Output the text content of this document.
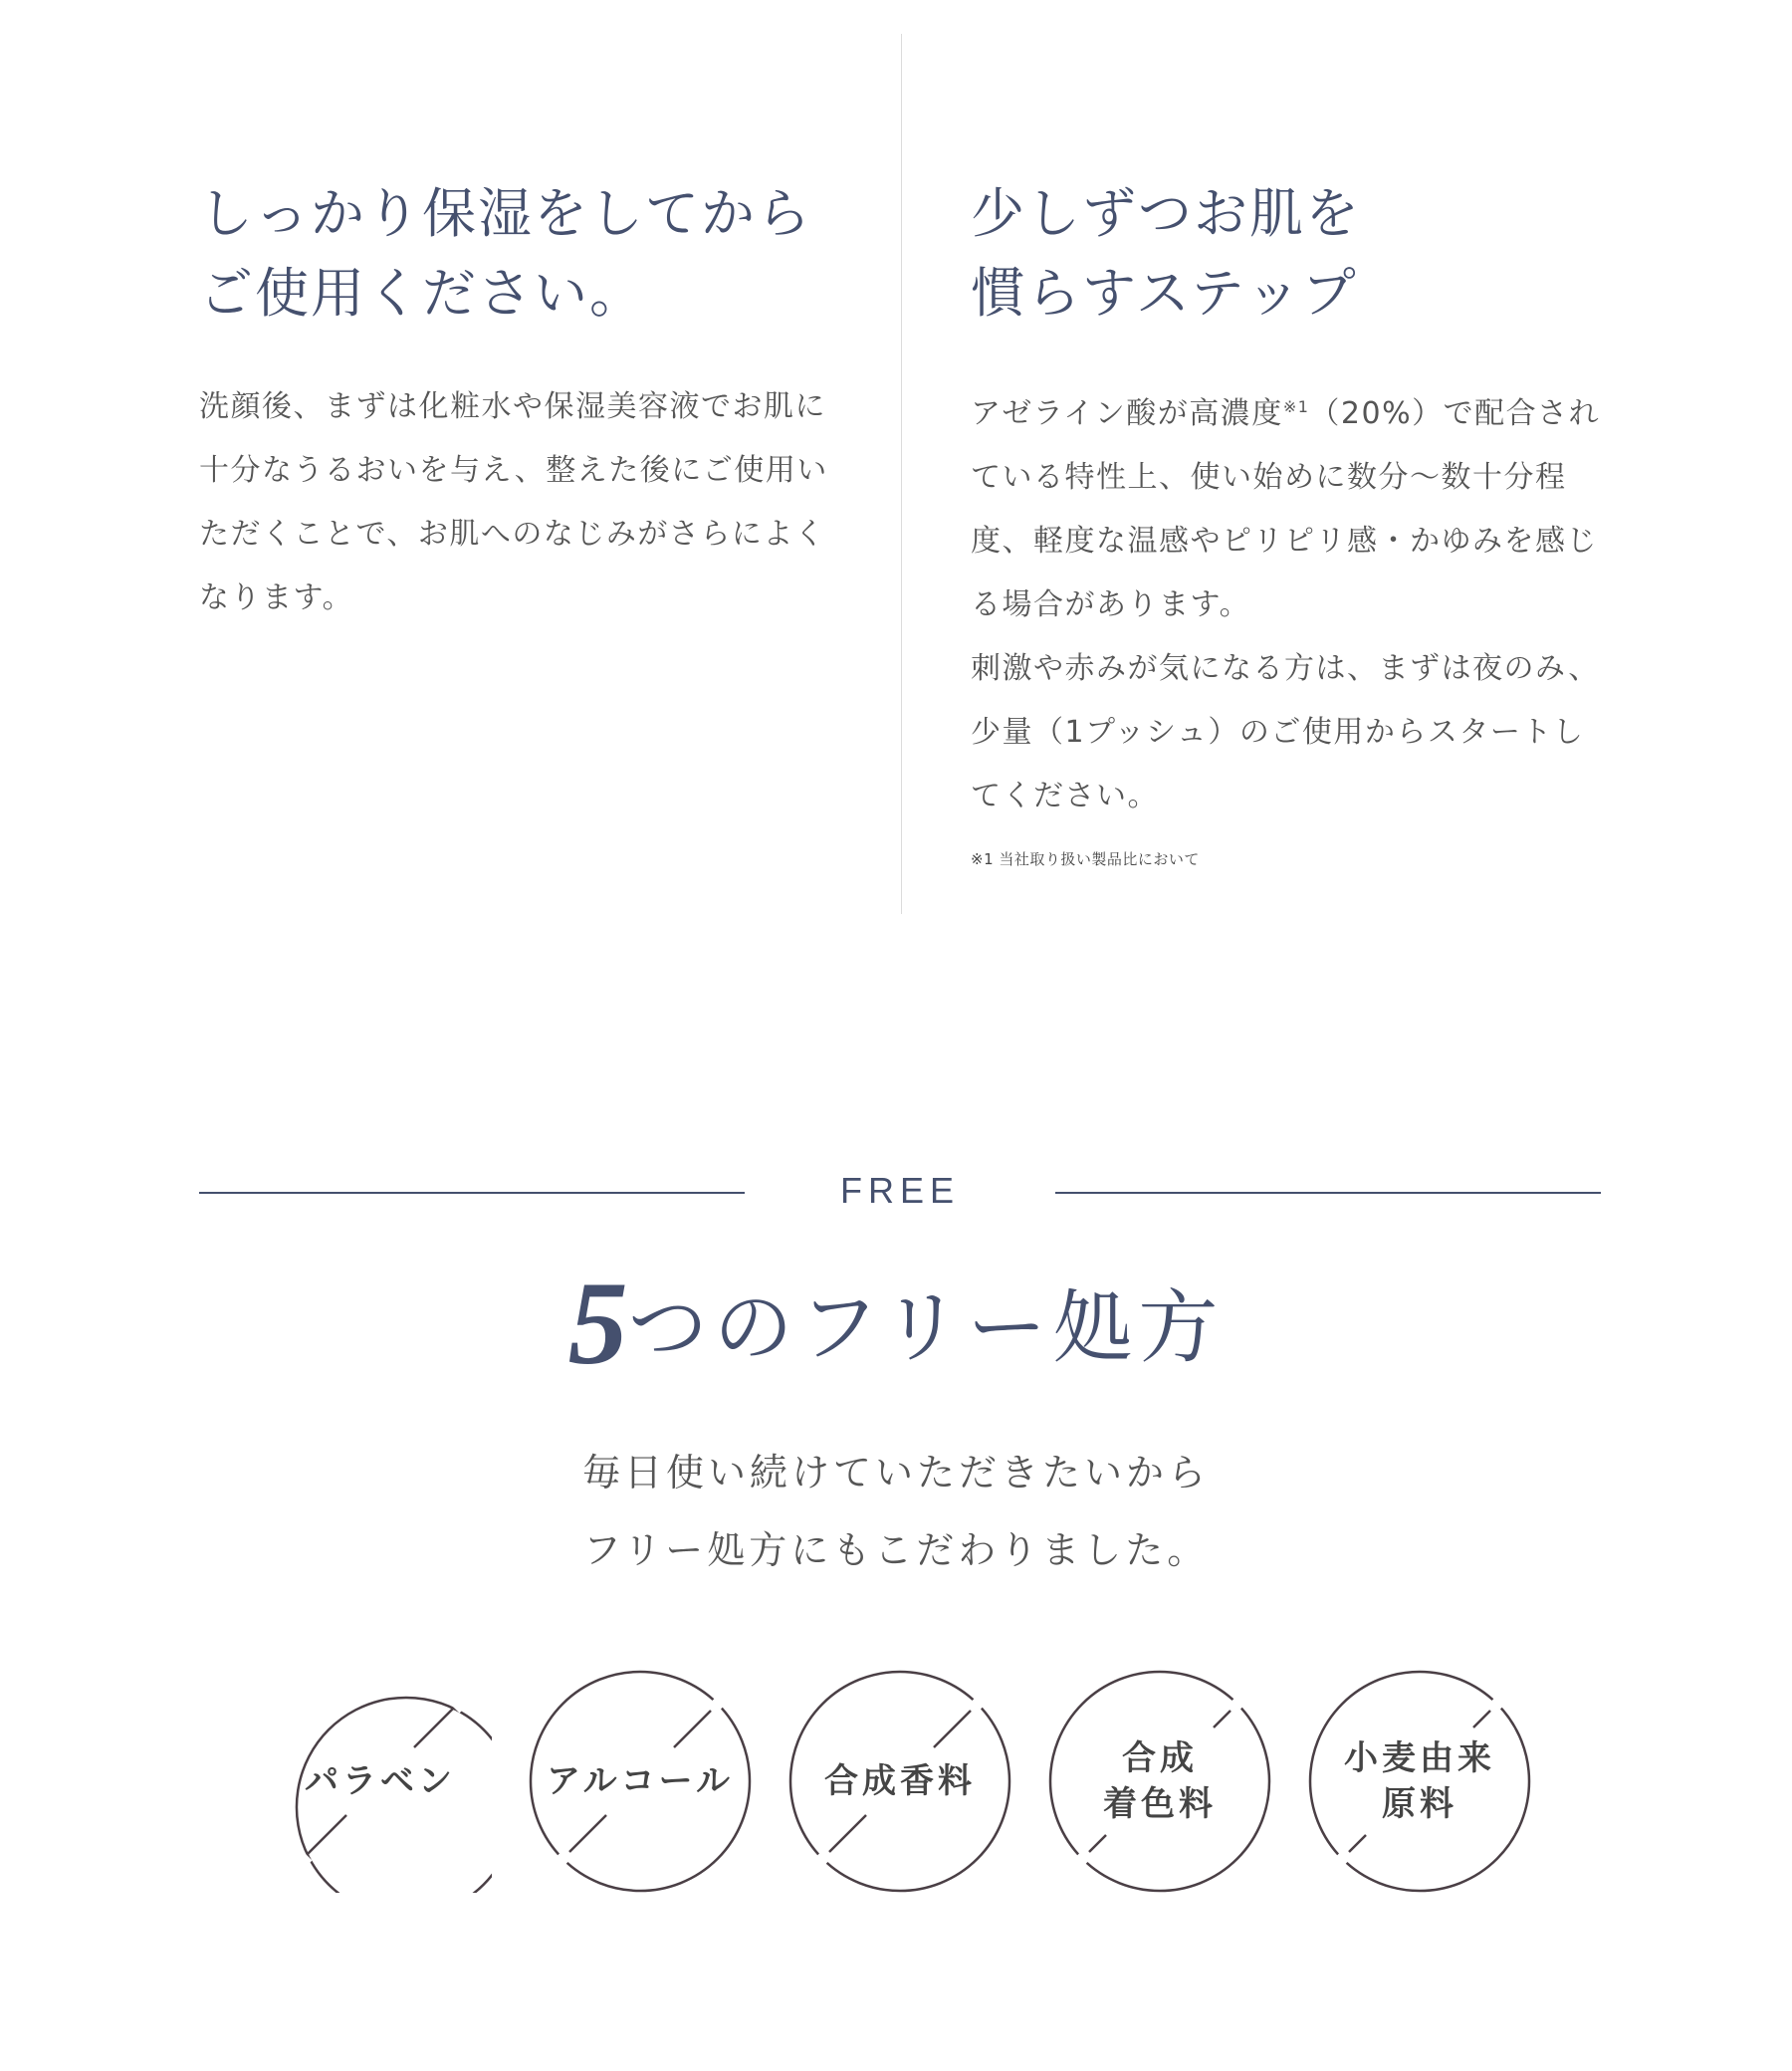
しっかり保湿をしてから
ご使用ください。

洗顔後、まずは化粧水や保湿美容液でお肌に十分なうるおいを与え、整えた後にご使用いただくことで、お肌へのなじみがさらによくなります。

少しずつお肌を
慣らすステップ

アゼライン酸が高濃度$^{※1}$（20%）で配合されている特性上、使い始めに数分～数十分程度、軽度な温感やピリピリ感・かゆみを感じる場合があります。

刺激や赤みが気になる方は、まずは夜のみ、少量（1プッシュ）のご使用からスタートしてください。

※1 当社取り扱い製品比において
FREE
5つのフリー処方

毎日使い続けていただきたいから

フリー処方にもこだわりました。

パラベン	アルコール	合成香料
合成
着色料
小麦由来
原料
